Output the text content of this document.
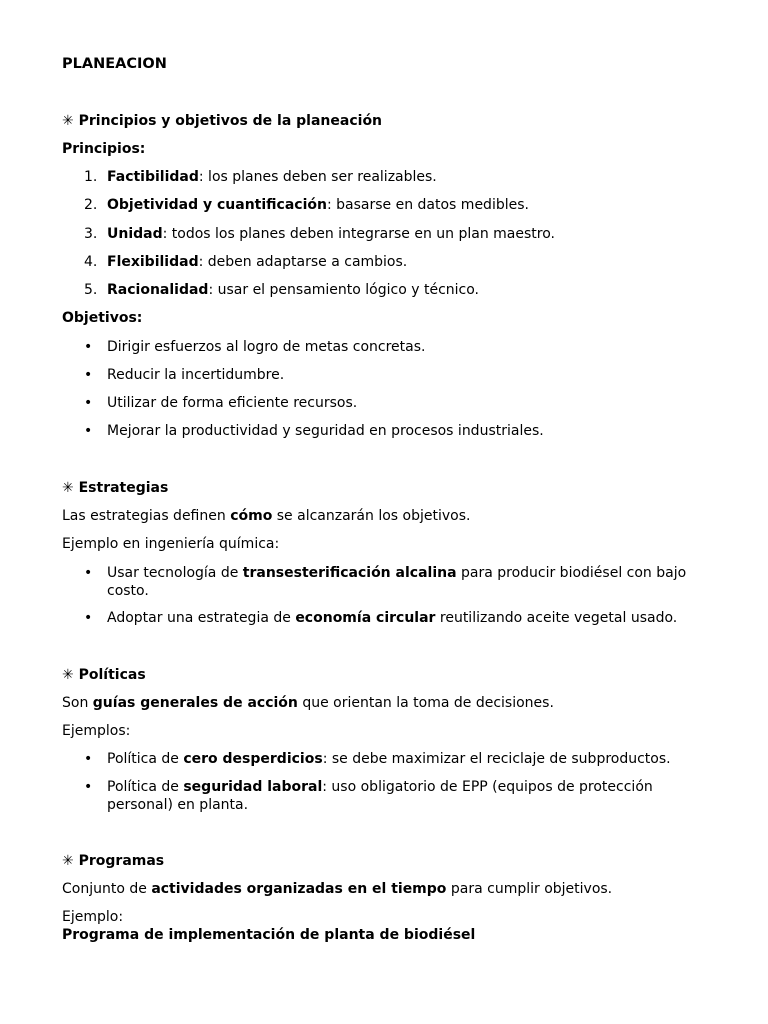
PLANEACION
✳ Principios y objetivos de la planeación
Principios:
1. Factibilidad: los planes deben ser realizables.
2. Objetividad y cuantificación: basarse en datos medibles.
3. Unidad: todos los planes deben integrarse en un plan maestro.
4. Flexibilidad: deben adaptarse a cambios.
5. Racionalidad: usar el pensamiento lógico y técnico.
Objetivos:
• Dirigir esfuerzos al logro de metas concretas.
• Reducir la incertidumbre.
• Utilizar de forma eficiente recursos.
• Mejorar la productividad y seguridad en procesos industriales.
✳ Estrategias
Las estrategias definen cómo se alcanzarán los objetivos.
Ejemplo en ingeniería química:
• Usar tecnología de transesterificación alcalina para producir biodiésel con bajo costo.
• Adoptar una estrategia de economía circular reutilizando aceite vegetal usado.
✳ Políticas
Son guías generales de acción que orientan la toma de decisiones.
Ejemplos:
• Política de cero desperdicios: se debe maximizar el reciclaje de subproductos.
• Política de seguridad laboral: uso obligatorio de EPP (equipos de protección personal) en planta.
✳ Programas
Conjunto de actividades organizadas en el tiempo para cumplir objetivos.
Ejemplo:
Programa de implementación de planta de biodiésel
